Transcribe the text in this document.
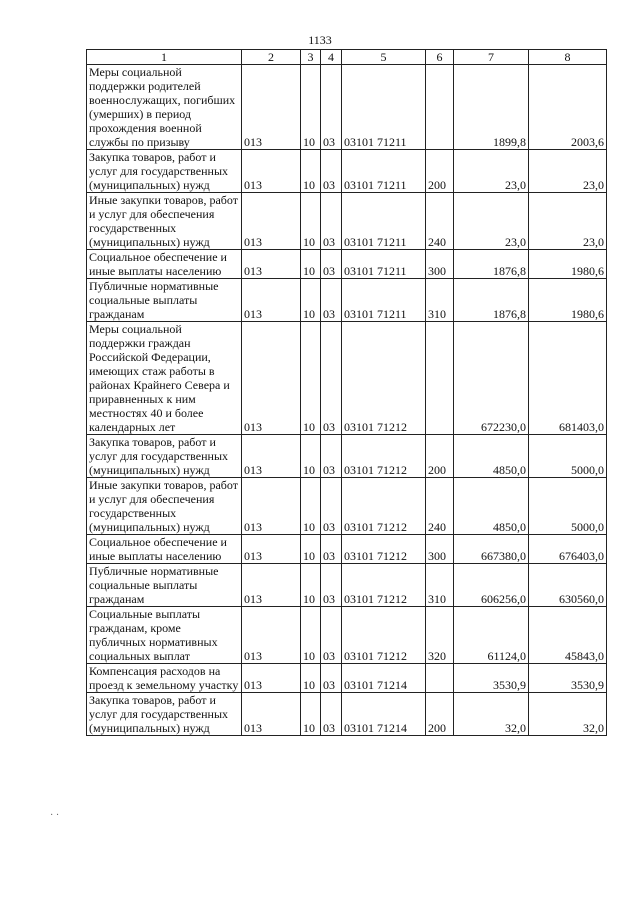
1133
1	2	3	4	5	6	7	8
Меры социальной поддержки родителей военнослужащих, погибших (умерших) в период прохождения военной службы по призыву	013	10	03	03101 71211		1899,8	2003,6
Закупка товаров, работ и услуг для государственных (муниципальных) нужд	013	10	03	03101 71211	200	23,0	23,0
Иные закупки товаров, работ и услуг для обеспечения государственных (муниципальных) нужд	013	10	03	03101 71211	240	23,0	23,0
Социальное обеспечение и иные выплаты населению	013	10	03	03101 71211	300	1876,8	1980,6
Публичные нормативные социальные выплаты гражданам	013	10	03	03101 71211	310	1876,8	1980,6
Меры социальной поддержки граждан Российской Федерации, имеющих стаж работы в районах Крайнего Севера и приравненных к ним местностях 40 и более календарных лет	013	10	03	03101 71212		672230,0	681403,0
Закупка товаров, работ и услуг для государственных (муниципальных) нужд	013	10	03	03101 71212	200	4850,0	5000,0
Иные закупки товаров, работ и услуг для обеспечения государственных (муниципальных) нужд	013	10	03	03101 71212	240	4850,0	5000,0
Социальное обеспечение и иные выплаты населению	013	10	03	03101 71212	300	667380,0	676403,0
Публичные нормативные социальные выплаты гражданам	013	10	03	03101 71212	310	606256,0	630560,0
Социальные выплаты гражданам, кроме публичных нормативных социальных выплат	013	10	03	03101 71212	320	61124,0	45843,0
Компенсация расходов на проезд к земельному участку	013	10	03	03101 71214		3530,9	3530,9
Закупка товаров, работ и услуг для государственных (муниципальных) нужд	013	10	03	03101 71214	200	32,0	32,0
· ·
